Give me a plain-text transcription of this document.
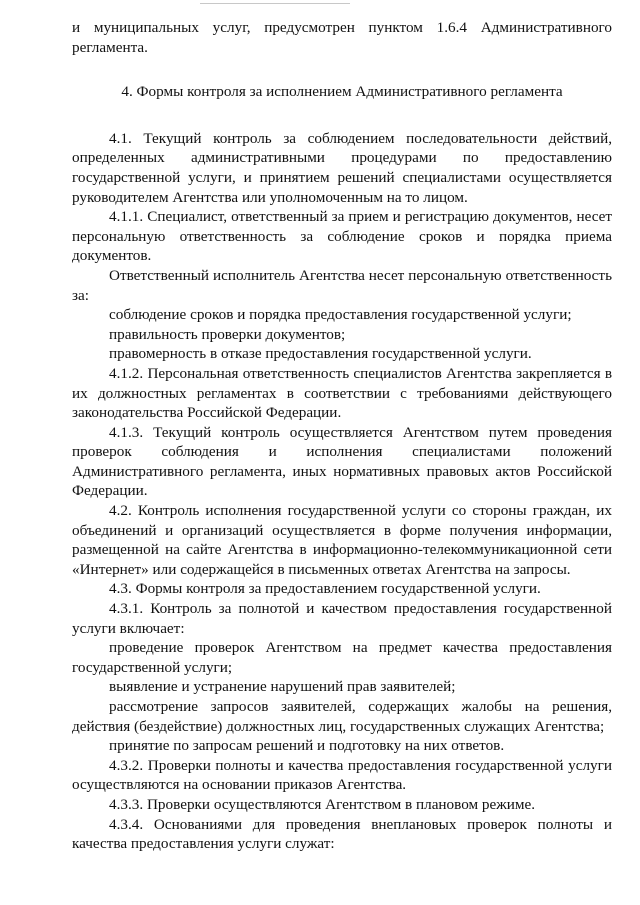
и муниципальных услуг, предусмотрен пунктом 1.6.4 Административного регламента.

4. Формы контроля за исполнением Административного регламента

4.1. Текущий контроль за соблюдением последовательности действий, определенных административными процедурами по предоставлению государственной услуги, и принятием решений специалистами осуществляется руководителем Агентства или уполномоченным на то лицом.

4.1.1. Специалист, ответственный за прием и регистрацию документов, несет персональную ответственность за соблюдение сроков и порядка приема документов.

Ответственный исполнитель Агентства несет персональную ответственность за:

соблюдение сроков и порядка предоставления государственной услуги;

правильность проверки документов;

правомерность в отказе предоставления государственной услуги.

4.1.2. Персональная ответственность специалистов Агентства закрепляется в их должностных регламентах в соответствии с требованиями действующего законодательства Российской Федерации.

4.1.3. Текущий контроль осуществляется Агентством путем проведения проверок соблюдения и исполнения специалистами положений Административного регламента, иных нормативных правовых актов Российской Федерации.

4.2. Контроль исполнения государственной услуги со стороны граждан, их объединений и организаций осуществляется в форме получения информации, размещенной на сайте Агентства в информационно-телекоммуникационной сети «Интернет» или содержащейся в письменных ответах Агентства на запросы.

4.3. Формы контроля за предоставлением государственной услуги.

4.3.1. Контроль за полнотой и качеством предоставления государственной услуги включает:

проведение проверок Агентством на предмет качества предоставления государственной услуги;

выявление и устранение нарушений прав заявителей;

рассмотрение запросов заявителей, содержащих жалобы на решения, действия (бездействие) должностных лиц, государственных служащих Агентства;

принятие по запросам решений и подготовку на них ответов.

4.3.2. Проверки полноты и качества предоставления государственной услуги осуществляются на основании приказов Агентства.

4.3.3. Проверки осуществляются Агентством в плановом режиме.

4.3.4. Основаниями для проведения внеплановых проверок полноты и качества предоставления услуги служат:
